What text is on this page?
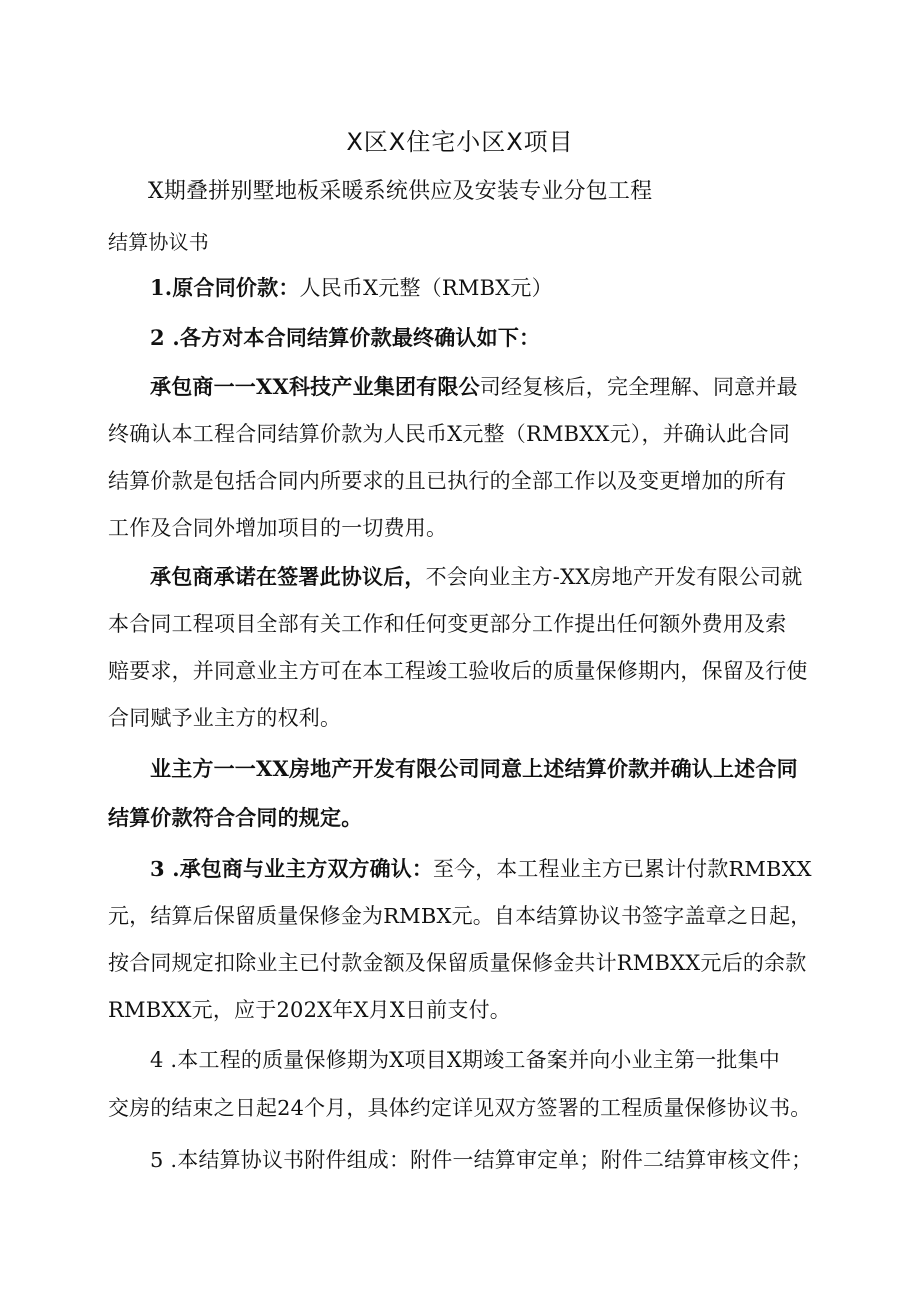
X区X住宅小区X项目
X期叠拼别墅地板采暖系统供应及安装专业分包工程
结算协议书
1.原合同价款：人民币X元整（RMBX元）
2 .各方对本合同结算价款最终确认如下：
承包商一一XX科技产业集团有限公司经复核后，完全理解、同意并最
终确认本工程合同结算价款为人民币X元整（RMBXX元），并确认此合同
结算价款是包括合同内所要求的且已执行的全部工作以及变更增加的所有
工作及合同外增加项目的一切费用。
承包商承诺在签署此协议后，不会向业主方-XX房地产开发有限公司就
本合同工程项目全部有关工作和任何变更部分工作提出任何额外费用及索
赔要求，并同意业主方可在本工程竣工验收后的质量保修期内，保留及行使
合同赋予业主方的权利。
业主方一一XX房地产开发有限公司同意上述结算价款并确认上述合同
结算价款符合合同的规定。
3 .承包商与业主方双方确认：至今，本工程业主方已累计付款RMBXX
元，结算后保留质量保修金为RMBX元。自本结算协议书签字盖章之日起，
按合同规定扣除业主已付款金额及保留质量保修金共计RMBXX元后的余款
RMBXX元，应于202X年X月X日前支付。
4 .本工程的质量保修期为X项目X期竣工备案并向小业主第一批集中
交房的结束之日起24个月，具体约定详见双方签署的工程质量保修协议书。
5 .本结算协议书附件组成：附件一结算审定单；附件二结算审核文件；
